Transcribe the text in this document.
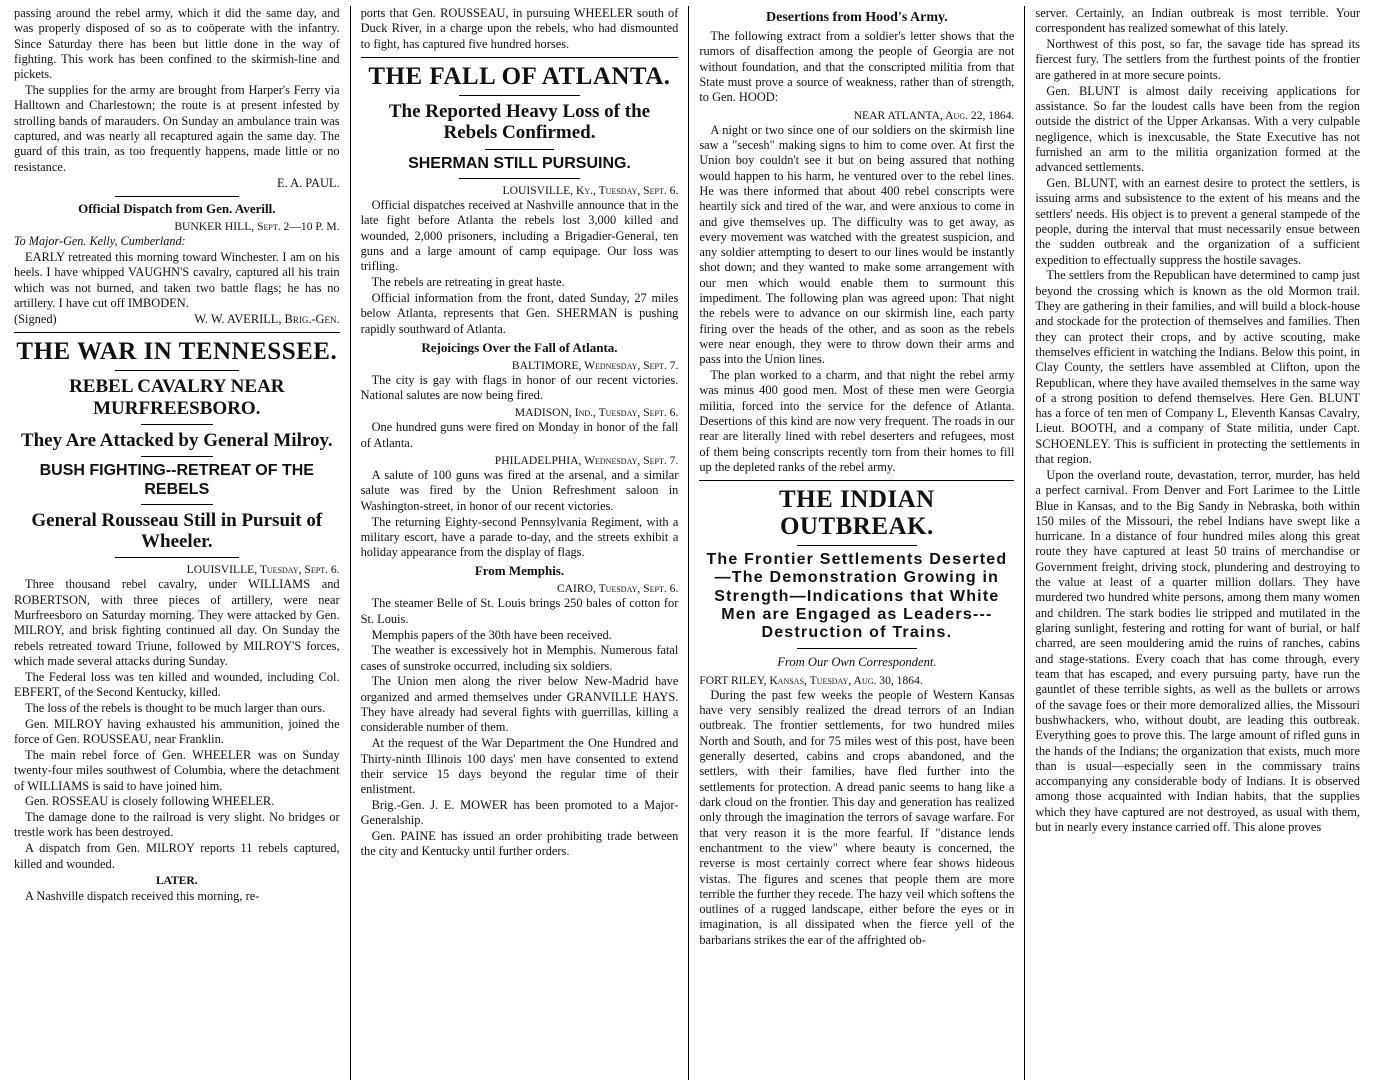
passing around the rebel army, which it did the same day, and was properly disposed of so as to coöperate with the infantry. Since Saturday there has been but little done in the way of fighting. This work has been confined to the skirmish-line and pickets.

The supplies for the army are brought from Harper's Ferry via Halltown and Charlestown; the route is at present infested by strolling bands of marauders. On Sunday an ambulance train was captured, and was nearly all recaptured again the same day. The guard of this train, as too frequently happens, made little or no resistance.

E. A. PAUL.
Official Dispatch from Gen. Averill.
BUNKER HILL, Sept. 2—10 P. M.
To Major-Gen. Kelly, Cumberland:

EARLY retreated this morning toward Winchester. I am on his heels. I have whipped VAUGHN'S cavalry, captured all his train which was not burned, and taken two battle flags; he has no artillery. I have cut off IMBODEN.

(Signed)	W. W. AVERILL, Brig.-Gen.
THE WAR IN TENNESSEE.
REBEL CAVALRY NEAR MURFREESBORO.
They Are Attacked by General Milroy.
BUSH FIGHTING--RETREAT OF THE REBELS
General Rousseau Still in Pursuit of Wheeler.
LOUISVILLE, Tuesday, Sept. 6.

Three thousand rebel cavalry, under WILLIAMS and ROBERTSON, with three pieces of artillery, were near Murfreesboro on Saturday morning. They were attacked by Gen. MILROY, and brisk fighting continued all day. On Sunday the rebels retreated toward Triune, followed by MILROY'S forces, which made several attacks during Sunday.

The Federal loss was ten killed and wounded, including Col. EBFERT, of the Second Kentucky, killed.

The loss of the rebels is thought to be much larger than ours.

Gen. MILROY having exhausted his ammunition, joined the force of Gen. ROUSSEAU, near Franklin.

The main rebel force of Gen. WHEELER was on Sunday twenty-four miles southwest of Columbia, where the detachment of WILLIAMS is said to have joined him.

Gen. ROSSEAU is closely following WHEELER.

The damage done to the railroad is very slight. No bridges or trestle work has been destroyed.

A dispatch from Gen. MILROY reports 11 rebels captured, killed and wounded.

LATER.

A Nashville dispatch received this morning, re-

ports that Gen. ROUSSEAU, in pursuing WHEELER south of Duck River, in a charge upon the rebels, who had dismounted to fight, has captured five hundred horses.

THE FALL OF ATLANTA.
The Reported Heavy Loss of the Rebels Confirmed.
SHERMAN STILL PURSUING.
LOUISVILLE, Ky., Tuesday, Sept. 6.

Official dispatches received at Nashville announce that in the late fight before Atlanta the rebels lost 3,000 killed and wounded, 2,000 prisoners, including a Brigadier-General, ten guns and a large amount of camp equipage. Our loss was trifling.

The rebels are retreating in great haste.

Official information from the front, dated Sunday, 27 miles below Atlanta, represents that Gen. SHERMAN is pushing rapidly southward of Atlanta.

Rejoicings Over the Fall of Atlanta.
BALTIMORE, Wednesday, Sept. 7.

The city is gay with flags in honor of our recent victories. National salutes are now being fired.

MADISON, Ind., Tuesday, Sept. 6.

One hundred guns were fired on Monday in honor of the fall of Atlanta.

PHILADELPHIA, Wednesday, Sept. 7.

A salute of 100 guns was fired at the arsenal, and a similar salute was fired by the Union Refreshment saloon in Washington-street, in honor of our recent victories.

The returning Eighty-second Pennsylvania Regiment, with a military escort, have a parade to-day, and the streets exhibit a holiday appearance from the display of flags.

From Memphis.
CAIRO, Tuesday, Sept. 6.

The steamer Belle of St. Louis brings 250 bales of cotton for St. Louis.

Memphis papers of the 30th have been received.

The weather is excessively hot in Memphis. Numerous fatal cases of sunstroke occurred, including six soldiers.

The Union men along the river below New-Madrid have organized and armed themselves under GRANVILLE HAYS. They have already had several fights with guerrillas, killing a considerable number of them.

At the request of the War Department the One Hundred and Thirty-ninth Illinois 100 days' men have consented to extend their service 15 days beyond the regular time of their enlistment.

Brig.-Gen. J. E. MOWER has been promoted to a Major-Generalship.

Gen. PAINE has issued an order prohibiting trade between the city and Kentucky until further orders.

Desertions from Hood's Army.

The following extract from a soldier's letter shows that the rumors of disaffection among the people of Georgia are not without foundation, and that the conscripted militia from that State must prove a source of weakness, rather than of strength, to Gen. HOOD:

NEAR ATLANTA, Aug. 22, 1864.

A night or two since one of our soldiers on the skirmish line saw a "secesh" making signs to him to come over. At first the Union boy couldn't see it but on being assured that nothing would happen to his harm, he ventured over to the rebel lines. He was there informed that about 400 rebel conscripts were heartily sick and tired of the war, and were anxious to come in and give themselves up. The difficulty was to get away, as every movement was watched with the greatest suspicion, and any soldier attempting to desert to our lines would be instantly shot down; and they wanted to make some arrangement with our men which would enable them to surmount this impediment. The following plan was agreed upon: That night the rebels were to advance on our skirmish line, each party firing over the heads of the other, and as soon as the rebels were near enough, they were to throw down their arms and pass into the Union lines.

The plan worked to a charm, and that night the rebel army was minus 400 good men. Most of these men were Georgia militia, forced into the service for the defence of Atlanta. Desertions of this kind are now very frequent. The roads in our rear are literally lined with rebel deserters and refugees, most of them being conscripts recently torn from their homes to fill up the depleted ranks of the rebel army.

THE INDIAN OUTBREAK.
The Frontier Settlements Deserted—The Demonstration Growing in Strength—Indications that White Men are Engaged as Leaders---Destruction of Trains.
From Our Own Correspondent.
FORT RILEY, Kansas, Tuesday, Aug. 30, 1864.

During the past few weeks the people of Western Kansas have very sensibly realized the dread terrors of an Indian outbreak. The frontier settlements, for two hundred miles North and South, and for 75 miles west of this post, have been generally deserted, cabins and crops abandoned, and the settlers, with their families, have fled further into the settlements for protection. A dread panic seems to hang like a dark cloud on the frontier. This day and generation has realized only through the imagination the terrors of savage warfare. For that very reason it is the more fearful. If "distance lends enchantment to the view" where beauty is concerned, the reverse is most certainly correct where fear shows hideous vistas. The figures and scenes that people them are more terrible the further they recede. The hazy veil which softens the outlines of a rugged landscape, either before the eyes or in imagination, is all dissipated when the fierce yell of the barbarians strikes the ear of the affrighted ob-

server. Certainly, an Indian outbreak is most terrible. Your correspondent has realized somewhat of this lately.

Northwest of this post, so far, the savage tide has spread its fiercest fury. The settlers from the furthest points of the frontier are gathered in at more secure points.

Gen. BLUNT is almost daily receiving applications for assistance. So far the loudest calls have been from the region outside the district of the Upper Arkansas. With a very culpable negligence, which is inexcusable, the State Executive has not furnished an arm to the militia organization formed at the advanced settlements.

Gen. BLUNT, with an earnest desire to protect the settlers, is issuing arms and subsistence to the extent of his means and the settlers' needs. His object is to prevent a general stampede of the people, during the interval that must necessarily ensue between the sudden outbreak and the organization of a sufficient expedition to effectually suppress the hostile savages.

The settlers from the Republican have determined to camp just beyond the crossing which is known as the old Mormon trail. They are gathering in their families, and will build a block-house and stockade for the protection of themselves and families. Then they can protect their crops, and by active scouting, make themselves efficient in watching the Indians. Below this point, in Clay County, the settlers have assembled at Clifton, upon the Republican, where they have availed themselves in the same way of a strong position to defend themselves. Here Gen. BLUNT has a force of ten men of Company L, Eleventh Kansas Cavalry, Lieut. BOOTH, and a company of State militia, under Capt. SCHOENLEY. This is sufficient in protecting the settlements in that region.

Upon the overland route, devastation, terror, murder, has held a perfect carnival. From Denver and Fort Larimee to the Little Blue in Kansas, and to the Big Sandy in Nebraska, both within 150 miles of the Missouri, the rebel Indians have swept like a hurricane. In a distance of four hundred miles along this great route they have captured at least 50 trains of merchandise or Government freight, driving stock, plundering and destroying to the value at least of a quarter million dollars. They have murdered two hundred white persons, among them many women and children. The stark bodies lie stripped and mutilated in the glaring sunlight, festering and rotting for want of burial, or half charred, are seen mouldering amid the ruins of ranches, cabins and stage-stations. Every coach that has come through, every team that has escaped, and every pursuing party, have run the gauntlet of these terrible sights, as well as the bullets or arrows of the savage foes or their more demoralized allies, the Missouri bushwhackers, who, without doubt, are leading this outbreak. Everything goes to prove this. The large amount of rifled guns in the hands of the Indians; the organization that exists, much more than is usual—especially seen in the commissary trains accompanying any considerable body of Indians. It is observed among those acquainted with Indian habits, that the supplies which they have captured are not destroyed, as usual with them, but in nearly every instance carried off. This alone proves
